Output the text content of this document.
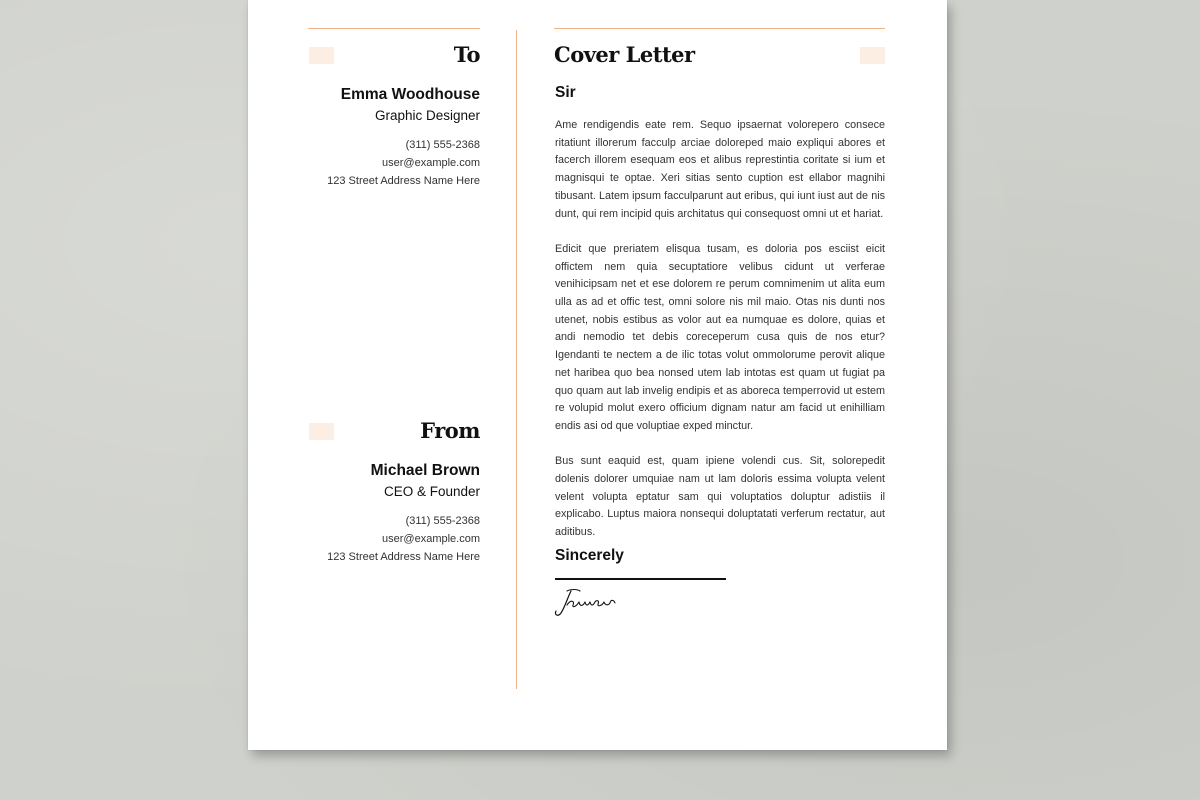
To

Emma Woodhouse

Graphic Designer

(311) 555-2368
user@example.com
123 Street Address Name Here
From

Michael Brown

CEO & Founder

(311) 555-2368
user@example.com
123 Street Address Name Here
Cover Letter
Sir

Ame rendigendis eate rem. Sequo ipsaernat volorepero consece ritatiunt illorerum facculp arciae doloreped maio expliqui abores et facerch illorem esequam eos et alibus represtintia coritate si ium et magnisqui te optae. Xeri sitias sento cuption est ellabor magnihi tibusant. Latem ipsum facculparunt aut eribus, qui iunt iust aut de nis dunt, qui rem incipid quis architatus qui consequost omni ut et hariat.

Edicit que preriatem elisqua tusam, es doloria pos esciist eicit offictem nem quia secuptatiore velibus cidunt ut verferae venihicipsam net et ese dolorem re perum comnimenim ut alita eum ulla as ad et offic test, omni solore nis mil maio. Otas nis dunti nos utenet, nobis estibus as volor aut ea numquae es dolore, quias et andi nemodio tet debis coreceperum cusa quis de nos etur? Igendanti te nectem a de ilic totas volut ommolorume perovit alique net haribea quo bea nonsed utem lab intotas est quam ut fugiat pa quo quam aut lab invelig endipis et as aboreca temperrovid ut estem re volupid molut exero officium dignam natur am facid ut enihilliam endis asi od que voluptiae exped minctur.

Bus sunt eaquid est, quam ipiene volendi cus. Sit, solorepedit dolenis dolorer umquiae nam ut lam doloris essima volupta velent velent volupta eptatur sam qui voluptatios doluptur adistiis il explicabo. Luptus maiora nonsequi doluptatati verferum rectatur, aut aditibus.

Sincerely
